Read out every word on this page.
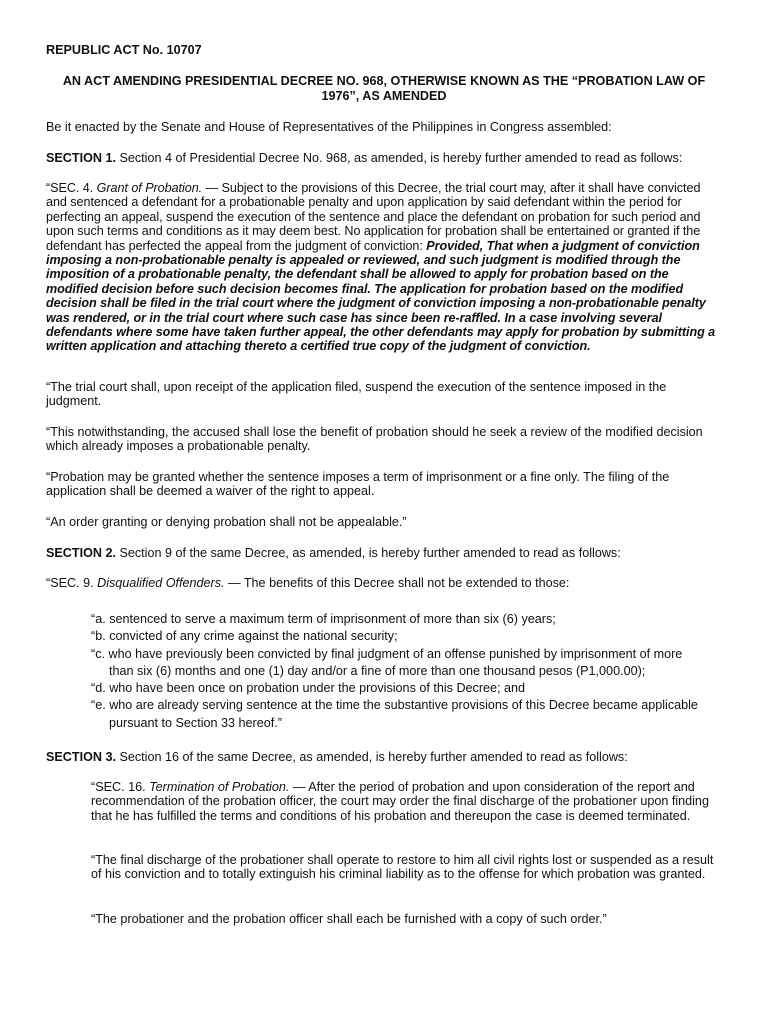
REPUBLIC ACT No. 10707
AN ACT AMENDING PRESIDENTIAL DECREE NO. 968, OTHERWISE KNOWN AS THE “PROBATION LAW OF 1976”, AS AMENDED

Be it enacted by the Senate and House of Representatives of the Philippines in Congress assembled:

SECTION 1. Section 4 of Presidential Decree No. 968, as amended, is hereby further amended to read as follows:

“SEC. 4. Grant of Probation. — Subject to the provisions of this Decree, the trial court may, after it shall have convicted and sentenced a defendant for a probationable penalty and upon application by said defendant within the period for perfecting an appeal, suspend the execution of the sentence and place the defendant on probation for such period and upon such terms and conditions as it may deem best. No application for probation shall be entertained or granted if the defendant has perfected the appeal from the judgment of conviction: Provided, That when a judgment of conviction imposing a non-probationable penalty is appealed or reviewed, and such judgment is modified through the imposition of a probationable penalty, the defendant shall be allowed to apply for probation based on the modified decision before such decision becomes final. The application for probation based on the modified decision shall be filed in the trial court where the judgment of conviction imposing a non-probationable penalty was rendered, or in the trial court where such case has since been re-raffled. In a case involving several defendants where some have taken further appeal, the other defendants may apply for probation by submitting a written application and attaching thereto a certified true copy of the judgment of conviction.

“The trial court shall, upon receipt of the application filed, suspend the execution of the sentence imposed in the judgment.

“This notwithstanding, the accused shall lose the benefit of probation should he seek a review of the modified decision which already imposes a probationable penalty.

“Probation may be granted whether the sentence imposes a term of imprisonment or a fine only. The filing of the application shall be deemed a waiver of the right to appeal.

“An order granting or denying probation shall not be appealable.”

SECTION 2. Section 9 of the same Decree, as amended, is hereby further amended to read as follows:

“SEC. 9. Disqualified Offenders. — The benefits of this Decree shall not be extended to those:

“a. sentenced to serve a maximum term of imprisonment of more than six (6) years;
“b. convicted of any crime against the national security;
“c. who have previously been convicted by final judgment of an offense punished by imprisonment of more
than six (6) months and one (1) day and/or a fine of more than one thousand pesos (P1,000.00);
“d. who have been once on probation under the provisions of this Decree; and
“e. who are already serving sentence at the time the substantive provisions of this Decree became applicable
pursuant to Section 33 hereof.”

SECTION 3. Section 16 of the same Decree, as amended, is hereby further amended to read as follows:

“SEC. 16. Termination of Probation. — After the period of probation and upon consideration of the report and recommendation of the probation officer, the court may order the final discharge of the probationer upon finding that he has fulfilled the terms and conditions of his probation and thereupon the case is deemed terminated.

“The final discharge of the probationer shall operate to restore to him all civil rights lost or suspended as a result of his conviction and to totally extinguish his criminal liability as to the offense for which probation was granted.

“The probationer and the probation officer shall each be furnished with a copy of such order.”
